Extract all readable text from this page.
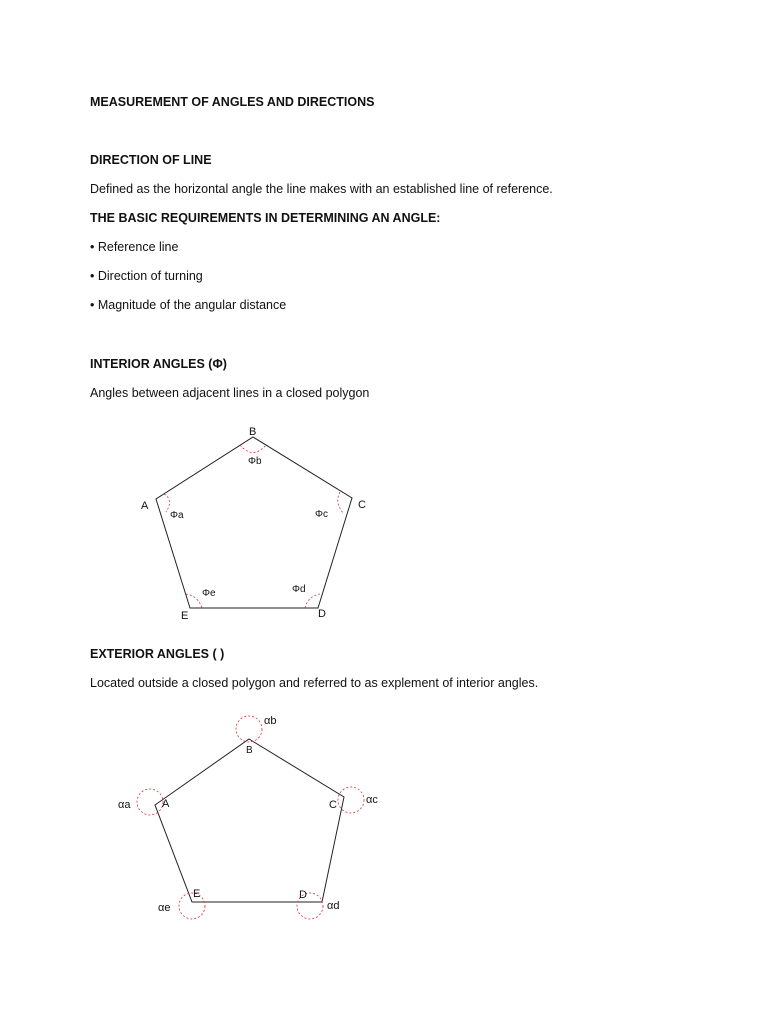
MEASUREMENT OF ANGLES AND DIRECTIONS
DIRECTION OF LINE
Defined as the horizontal angle the line makes with an established line of reference.
THE BASIC REQUIREMENTS IN DETERMINING AN ANGLE:
• Reference line
• Direction of turning
• Magnitude of the angular distance
INTERIOR ANGLES (Φ)
Angles between adjacent lines in a closed polygon
EXTERIOR ANGLES ( )
Located outside a closed polygon and referred to as explement of interior angles.
B
A	C
D
E
Φb
Φa	Φc
Φd
Φe
B
A	C
D
E
αb
αa	αc
αd
αe
